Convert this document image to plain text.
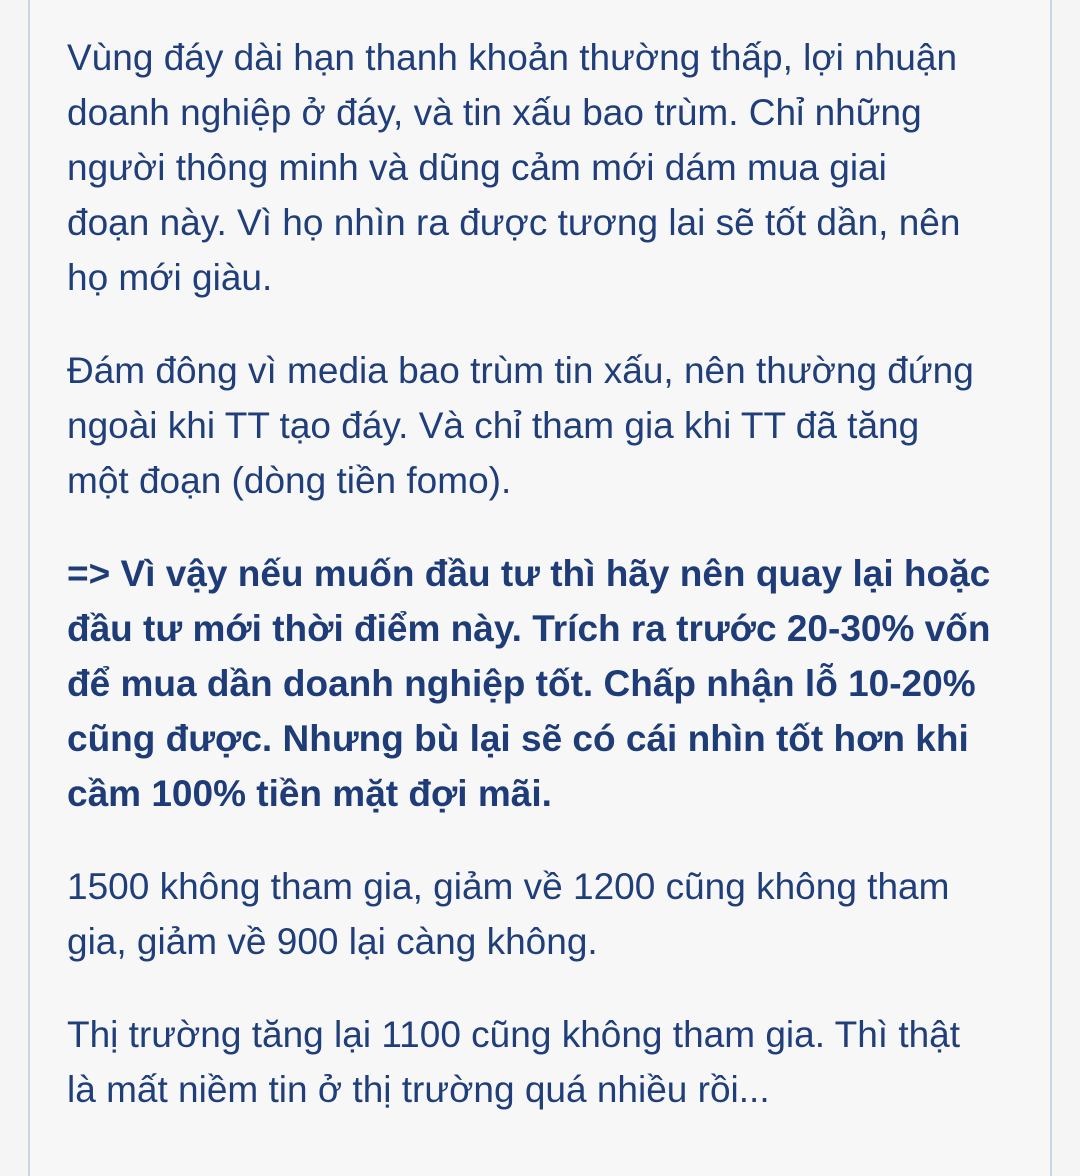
Vùng đáy dài hạn thanh khoản thường thấp, lợi nhuận
doanh nghiệp ở đáy, và tin xấu bao trùm. Chỉ những
người thông minh và dũng cảm mới dám mua giai
đoạn này. Vì họ nhìn ra được tương lai sẽ tốt dần, nên
họ mới giàu.

Đám đông vì media bao trùm tin xấu, nên thường đứng
ngoài khi TT tạo đáy. Và chỉ tham gia khi TT đã tăng
một đoạn (dòng tiền fomo).

=> Vì vậy nếu muốn đầu tư thì hãy nên quay lại hoặc
đầu tư mới thời điểm này. Trích ra trước 20-30% vốn
để mua dần doanh nghiệp tốt. Chấp nhận lỗ 10-20%
cũng được. Nhưng bù lại sẽ có cái nhìn tốt hơn khi
cầm 100% tiền mặt đợi mãi.

1500 không tham gia, giảm về 1200 cũng không tham
gia, giảm về 900 lại càng không.

Thị trường tăng lại 1100 cũng không tham gia. Thì thật
là mất niềm tin ở thị trường quá nhiều rồi...
